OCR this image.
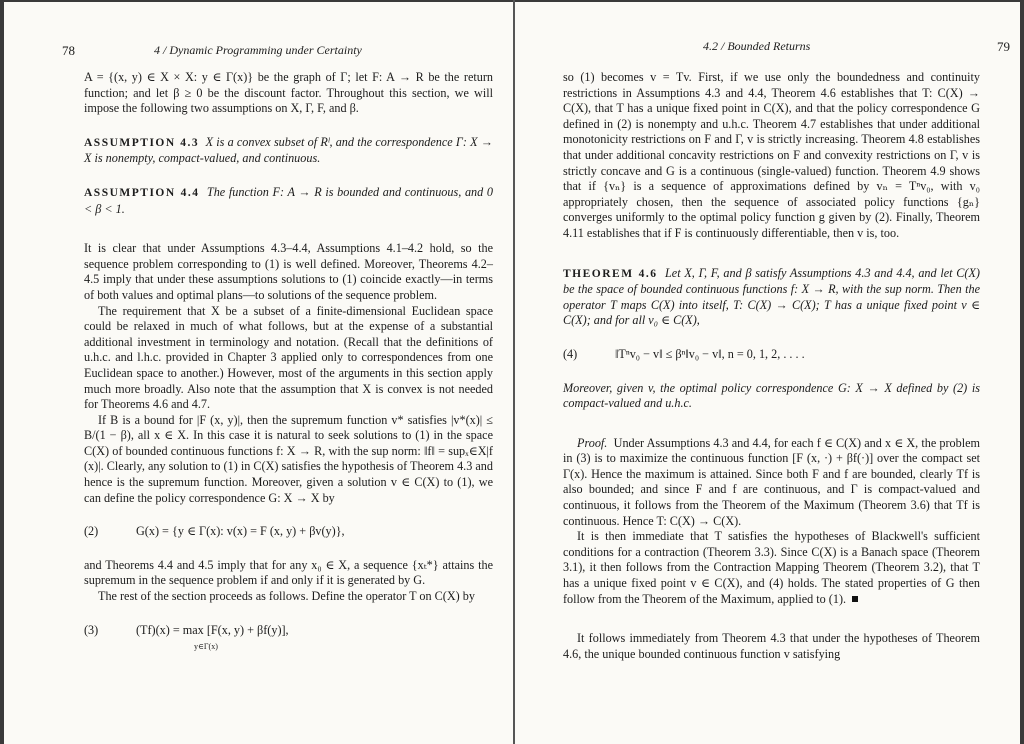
78	4 / Dynamic Programming under Certainty

A = {(x, y) ∈ X × X: y ∈ Γ(x)} be the graph of Γ; let F: A → R be the return function; and let β ≥ 0 be the discount factor. Throughout this section, we will impose the following two assumptions on X, Γ, F, and β.

ASSUMPTION 4.3 X is a convex subset of Rˡ, and the correspondence Γ: X → X is nonempty, compact-valued, and continuous.

ASSUMPTION 4.4 The function F: A → R is bounded and continuous, and 0 < β < 1.

It is clear that under Assumptions 4.3–4.4, Assumptions 4.1–4.2 hold, so the sequence problem corresponding to (1) is well defined. Moreover, Theorems 4.2–4.5 imply that under these assumptions solutions to (1) coincide exactly—in terms of both values and optimal plans—to solutions of the sequence problem.

The requirement that X be a subset of a finite-dimensional Euclidean space could be relaxed in much of what follows, but at the expense of a substantial additional investment in terminology and notation. (Recall that the definitions of u.h.c. and l.h.c. provided in Chapter 3 applied only to correspondences from one Euclidean space to another.) However, most of the arguments in this section apply much more broadly. Also note that the assumption that X is convex is not needed for Theorems 4.6 and 4.7.

If B is a bound for |F (x, y)|, then the supremum function v* satisfies |v*(x)| ≤ B/(1 − β), all x ∈ X. In this case it is natural to seek solutions to (1) in the space C(X) of bounded continuous functions f: X → R, with the sup norm: ‖f‖ = supₓ∈X|f (x)|. Clearly, any solution to (1) in C(X) satisfies the hypothesis of Theorem 4.3 and hence is the supremum function. Moreover, given a solution v ∈ C(X) to (1), we can define the policy correspondence G: X → X by

(2)	G(x) = {y ∈ Γ(x): v(x) = F (x, y) + βv(y)},

and Theorems 4.4 and 4.5 imply that for any x₀ ∈ X, a sequence {xₜ*} attains the supremum in the sequence problem if and only if it is generated by G.

The rest of the section proceeds as follows. Define the operator T on C(X) by

(3)	(Tf)(x) = max [F(x, y) + βf(y)],
y∈Γ(x)
4.2 / Bounded Returns	79

so (1) becomes v = Tv. First, if we use only the boundedness and continuity restrictions in Assumptions 4.3 and 4.4, Theorem 4.6 establishes that T: C(X) → C(X), that T has a unique fixed point in C(X), and that the policy correspondence G defined in (2) is nonempty and u.h.c. Theorem 4.7 establishes that under additional monotonicity restrictions on F and Γ, v is strictly increasing. Theorem 4.8 establishes that under additional concavity restrictions on F and convexity restrictions on Γ, v is strictly concave and G is a continuous (single-valued) function. Theorem 4.9 shows that if {vₙ} is a sequence of approximations defined by vₙ = Tⁿv₀, with v₀ appropriately chosen, then the sequence of associated policy functions {gₙ} converges uniformly to the optimal policy function g given by (2). Finally, Theorem 4.11 establishes that if F is continuously differentiable, then v is, too.

THEOREM 4.6 Let X, Γ, F, and β satisfy Assumptions 4.3 and 4.4, and let C(X) be the space of bounded continuous functions f: X → R, with the sup norm. Then the operator T maps C(X) into itself, T: C(X) → C(X); T has a unique fixed point v ∈ C(X); and for all v₀ ∈ C(X),

(4)	‖Tⁿv₀ − v‖ ≤ βⁿ‖v₀ − v‖, n = 0, 1, 2, . . . .

Moreover, given v, the optimal policy correspondence G: X → X defined by (2) is compact-valued and u.h.c.

Proof. Under Assumptions 4.3 and 4.4, for each f ∈ C(X) and x ∈ X, the problem in (3) is to maximize the continuous function [F (x, ·) + βf(·)] over the compact set Γ(x). Hence the maximum is attained. Since both F and f are bounded, clearly Tf is also bounded; and since F and f are continuous, and Γ is compact-valued and continuous, it follows from the Theorem of the Maximum (Theorem 3.6) that Tf is continuous. Hence T: C(X) → C(X).

It is then immediate that T satisfies the hypotheses of Blackwell's sufficient conditions for a contraction (Theorem 3.3). Since C(X) is a Banach space (Theorem 3.1), it then follows from the Contraction Mapping Theorem (Theorem 3.2), that T has a unique fixed point v ∈ C(X), and (4) holds. The stated properties of G then follow from the Theorem of the Maximum, applied to (1).

It follows immediately from Theorem 4.3 that under the hypotheses of Theorem 4.6, the unique bounded continuous function v satisfying
